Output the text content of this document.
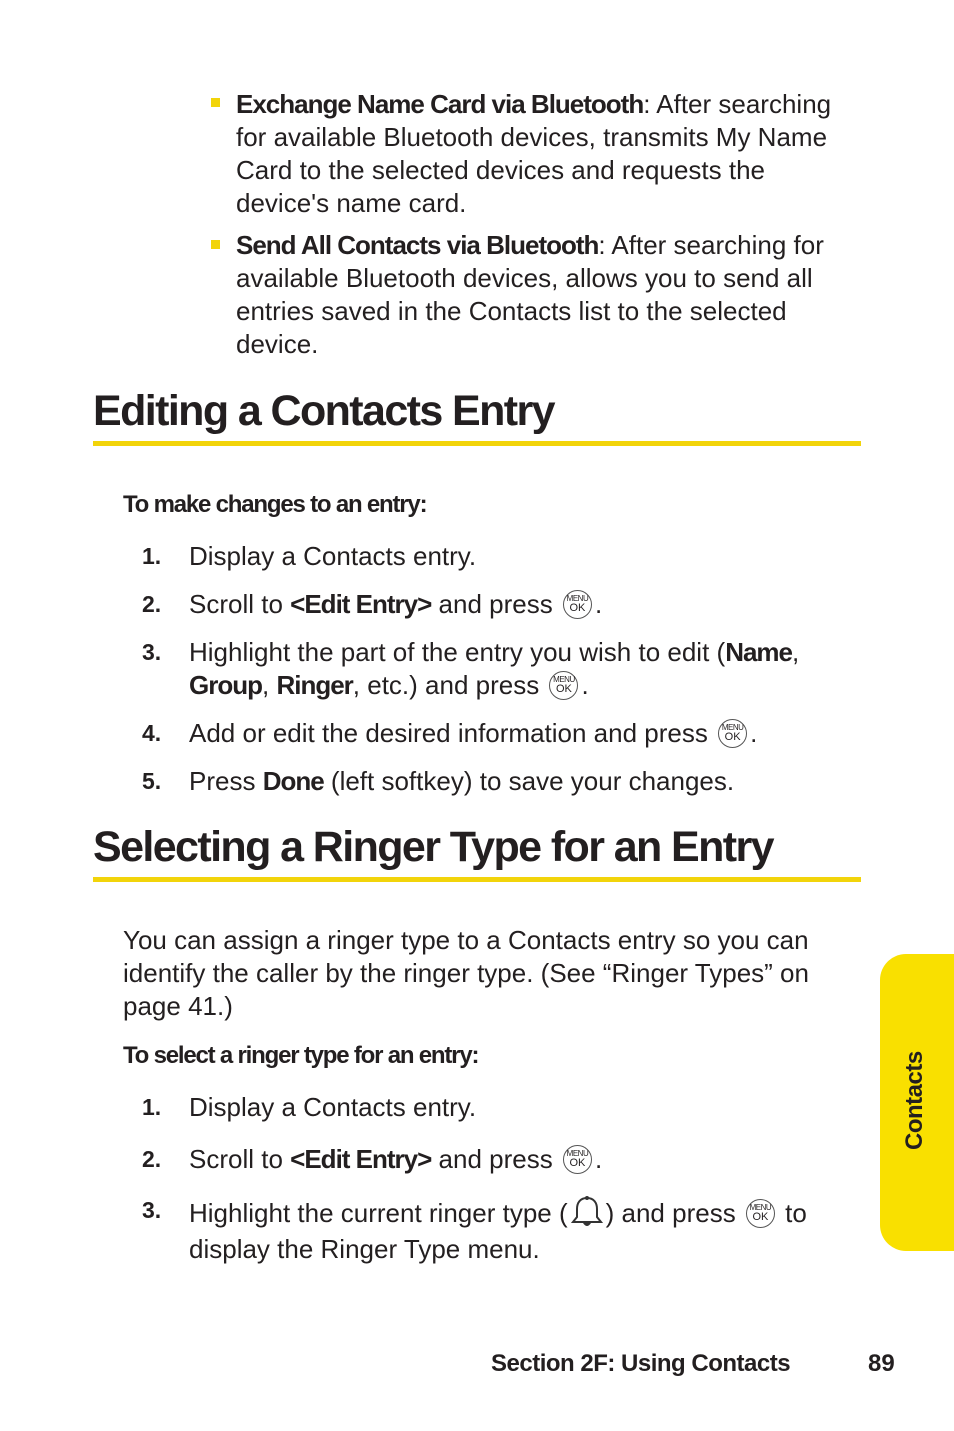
Exchange Name Card via Bluetooth: After searching for available Bluetooth devices, transmits My Name Card to the selected devices and requests the device's name card.
Send All Contacts via Bluetooth: After searching for available Bluetooth devices, allows you to send all entries saved in the Contacts list to the selected device.
Editing a Contacts Entry
To make changes to an entry:
1. Display a Contacts entry.
2. Scroll to <Edit Entry> and press MENU
OK .
3. Highlight the part of the entry you wish to edit (Name, Group, Ringer, etc.) and press MENU
OK .
4. Add or edit the desired information and press MENU
OK .
5. Press Done (left softkey) to save your changes.
Selecting a Ringer Type for an Entry
You can assign a ringer type to a Contacts entry so you can identify the caller by the ringer type. (See “Ringer Types” on page 41.)
To select a ringer type for an entry:
1. Display a Contacts entry.
2. Scroll to <Edit Entry> and press MENU
OK .
3. Highlight the current ringer type ( ) and press MENU
OK to display the Ringer Type menu.
Contacts
Section 2F: Using Contacts	89
